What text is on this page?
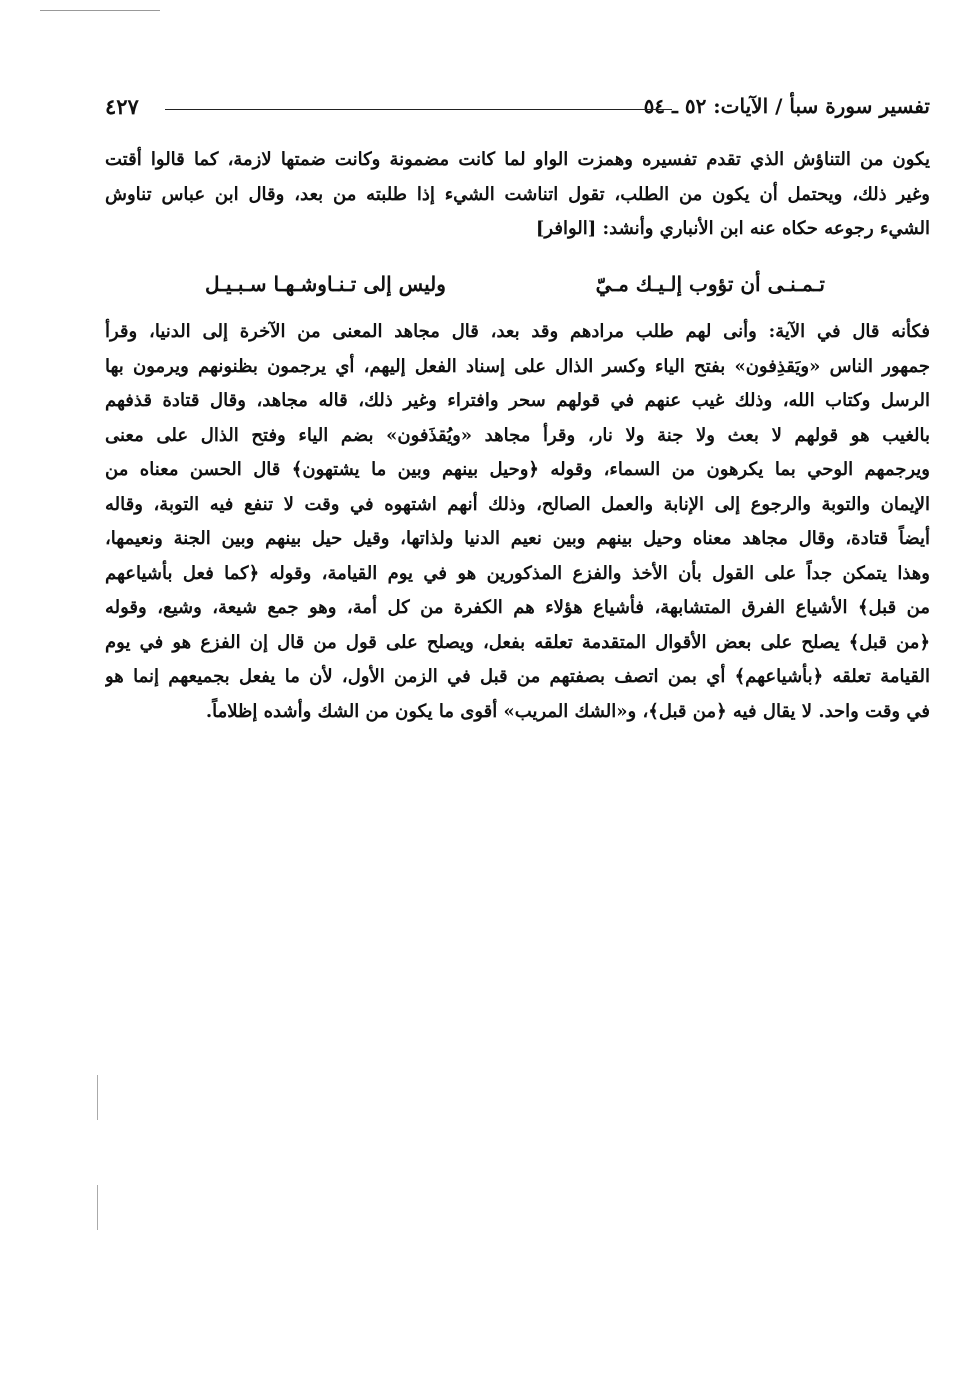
تفسير سورة سبأ / الآيات: ٥٢ ـ ٥٤
٤٢٧
يكون من التناؤش الذي تقدم تفسيره وهمزت الواو لما كانت مضمونة وكانت ضمتها لازمة، كما قالوا أقتت
وغير ذلك، ويحتمل أن يكون من الطلب، تقول اتناشت الشيء إذا طلبته من بعد، وقال ابن عباس تناوش
الشيء رجوعه حكاه عنه ابن الأنباري وأنشد: [الوافر]
تـمـنـى أن تؤوب إلـيـك مـيّ
وليس إلى تـنـاوشـهـا سـبـيـل
فكأنه قال في الآية: وأنى لهم طلب مرادهم وقد بعد، قال مجاهد المعنى من الآخرة إلى الدنيا، وقرأ
جمهور الناس «ويَقذِفون» بفتح الياء وكسر الذال على إسناد الفعل إليهم، أي يرجمون بظنونهم ويرمون بها
الرسل وكتاب الله، وذلك غيب عنهم في قولهم سحر وافتراء وغير ذلك، قاله مجاهد، وقال قتادة قذفهم
بالغيب هو قولهم لا بعث ولا جنة ولا نار، وقرأ مجاهد «ويُقذَفون» بضم الياء وفتح الذال على معنى
ويرجمهم الوحي بما يكرهون من السماء، وقوله ﴿وحيل بينهم وبين ما يشتهون﴾ قال الحسن معناه من
الإيمان والتوبة والرجوع إلى الإنابة والعمل الصالح، وذلك أنهم اشتهوه في وقت لا تنفع فيه التوبة، وقاله
أيضاً قتادة، وقال مجاهد معناه وحيل بينهم وبين نعيم الدنيا ولذاتها، وقيل حيل بينهم وبين الجنة ونعيمها،
وهذا يتمكن جداً على القول بأن الأخذ والفزع المذكورين هو في يوم القيامة، وقوله ﴿كما فعل بأشياعهم
من قبل﴾ الأشياع الفرق المتشابهة، فأشياع هؤلاء هم الكفرة من كل أمة، وهو جمع شيعة، وشيع، وقوله
﴿من قبل﴾ يصلح على بعض الأقوال المتقدمة تعلقه بفعل، ويصلح على قول من قال إن الفزع هو في يوم
القيامة تعلقه ﴿بأشياعهم﴾ أي بمن اتصف بصفتهم من قبل في الزمن الأول، لأن ما يفعل بجميعهم إنما هو
في وقت واحد. لا يقال فيه ﴿من قبل﴾، و«الشك المريب» أقوى ما يكون من الشك وأشده إظلاماً.
